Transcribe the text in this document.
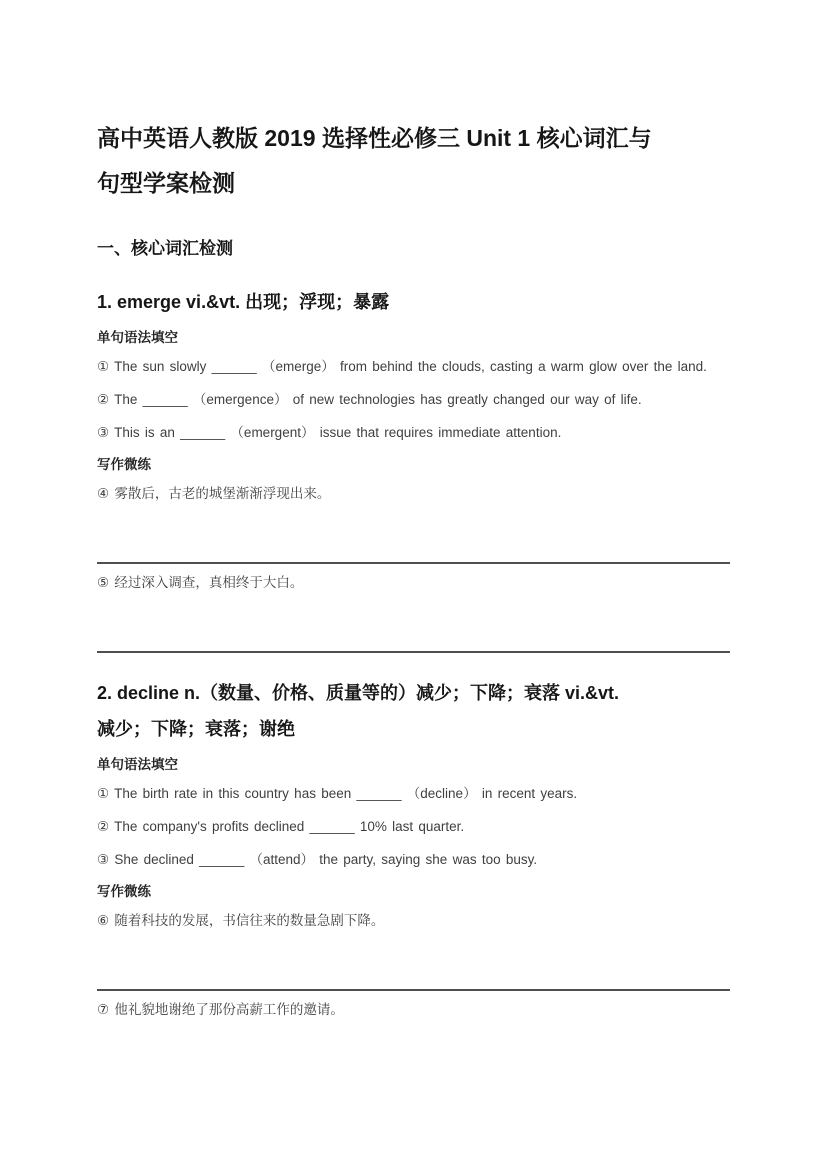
高中英语人教版 2019 选择性必修三 Unit 1 核心词汇与
句型学案检测
一、核心词汇检测
1. emerge vi.&vt. 出现；浮现；暴露

单句语法填空

① The sun slowly ______ （emerge） from behind the clouds, casting a warm glow over the land.

② The ______ （emergence） of new technologies has greatly changed our way of life.

③ This is an ______ （emergent） issue that requires immediate attention.

写作微练

④ 雾散后，古老的城堡渐渐浮现出来。

⑤ 经过深入调查，真相终于大白。

2. decline n.（数量、价格、质量等的）减少；下降；衰落 vi.&vt.
减少；下降；衰落；谢绝

单句语法填空

① The birth rate in this country has been ______ （decline） in recent years.

② The company's profits declined ______ 10% last quarter.

③ She declined ______ （attend） the party, saying she was too busy.

写作微练

⑥ 随着科技的发展，书信往来的数量急剧下降。

⑦ 他礼貌地谢绝了那份高薪工作的邀请。
